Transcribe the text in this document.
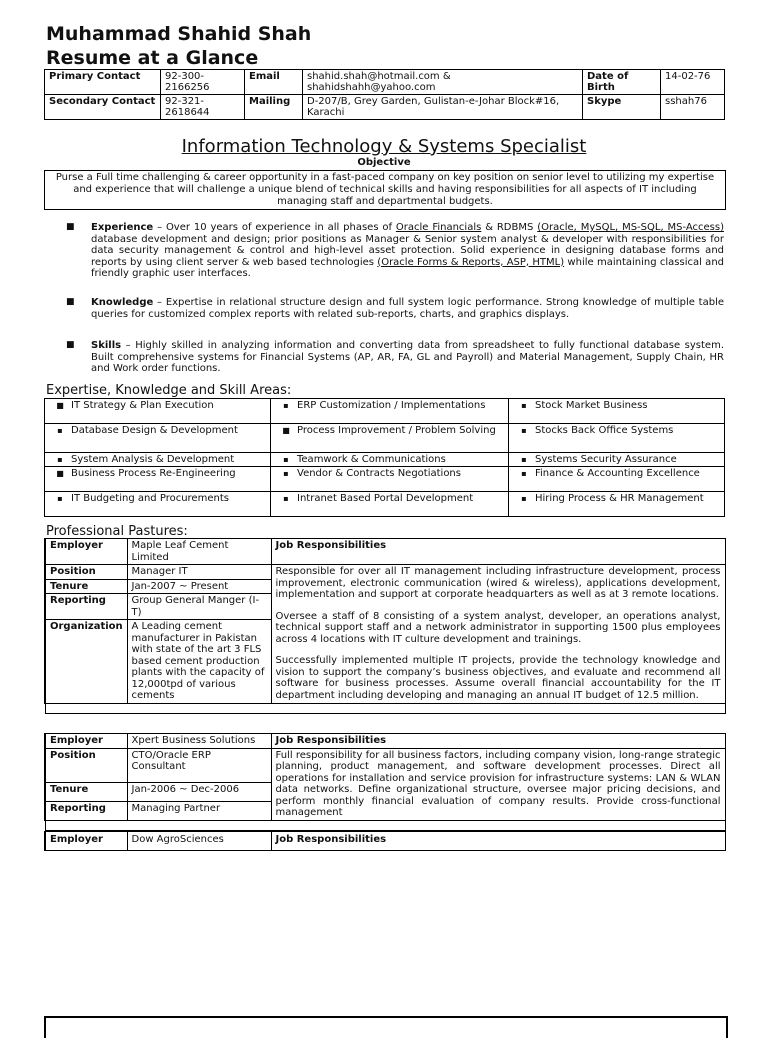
Muhammad Shahid Shah
Resume at a Glance
Primary Contact	92-300-2166256	Email	shahid.shah@hotmail.com & shahidshahh@yahoo.com	Date of Birth	14-02-76
Secondary Contact	92-321-2618644	Mailing	D-207/B, Grey Garden, Gulistan-e-Johar Block#16, Karachi	Skype	sshah76
Information Technology & Systems Specialist
Objective
Purse a Full time challenging & career opportunity in a fast-paced company on key position on senior level to utilizing my expertise and experience that will challenge a unique blend of technical skills and having responsibilities for all aspects of IT including managing staff and departmental budgets.
■ Experience – Over 10 years of experience in all phases of Oracle Financials & RDBMS (Oracle, MySQL, MS-SQL, MS-Access) database development and design; prior positions as Manager & Senior system analyst & developer with responsibilities for data security management & control and high-level asset protection. Solid experience in designing database forms and reports by using client server & web based technologies (Oracle Forms & Reports, ASP, HTML) while maintaining classical and friendly graphic user interfaces.
■ Knowledge – Expertise in relational structure design and full system logic performance. Strong knowledge of multiple table queries for customized complex reports with related sub-reports, charts, and graphics displays.
■ Skills – Highly skilled in analyzing information and converting data from spreadsheet to fully functional database system. Built comprehensive systems for Financial Systems (AP, AR, FA, GL and Payroll) and Material Management, Supply Chain, HR and Work order functions.
Expertise, Knowledge and Skill Areas:
■ IT Strategy & Plan Execution	▪ ERP Customization / Implementations	▪ Stock Market Business
▪ Database Design & Development	■ Process Improvement / Problem Solving	▪ Stocks Back Office Systems
▪ System Analysis & Development	▪ Teamwork & Communications	▪ Systems Security Assurance
■ Business Process Re-Engineering	▪ Vendor & Contracts Negotiations	▪ Finance & Accounting Excellence
▪ IT Budgeting and Procurements	▪ Intranet Based Portal Development	▪ Hiring Process & HR Management
Professional Pastures:
Employer	Maple Leaf Cement Limited	Job Responsibilities
Position	Manager IT	Responsible for over all IT management including infrastructure development, process improvement, electronic communication (wired & wireless), applications development, implementation and support at corporate headquarters as well as at 3 remote locations.
Oversee a staff of 8 consisting of a system analyst, developer, an operations analyst, technical support staff and a network administrator in supporting 1500 plus employees across 4 locations with IT culture development and trainings.
Successfully implemented multiple IT projects, provide the technology knowledge and vision to support the company’s business objectives, and evaluate and recommend all software for business processes. Assume overall financial accountability for the IT department including developing and managing an annual IT budget of 12.5 million.

Tenure	Jan-2007 ~ Present	
Reporting	Group General Manger (I-T)	
Organization	A Leading cement manufacturer in Pakistan with state of the art 3 FLS based cement production plants with the capacity of 12,000tpd of various cements	

Employer	Xpert Business Solutions	Job Responsibilities
Position	CTO/Oracle ERP Consultant	Full responsibility for all business factors, including company vision, long-range strategic planning, product management, and software development processes. Direct all operations for installation and service provision for infrastructure systems: LAN & WLAN data networks. Define organizational structure, oversee major pricing decisions, and perform monthly financial evaluation of company results. Provide cross-functional management
Tenure	Jan-2006 ~ Dec-2006	
Reporting	Managing Partner	

Employer	Dow AgroSciences	Job Responsibilities
